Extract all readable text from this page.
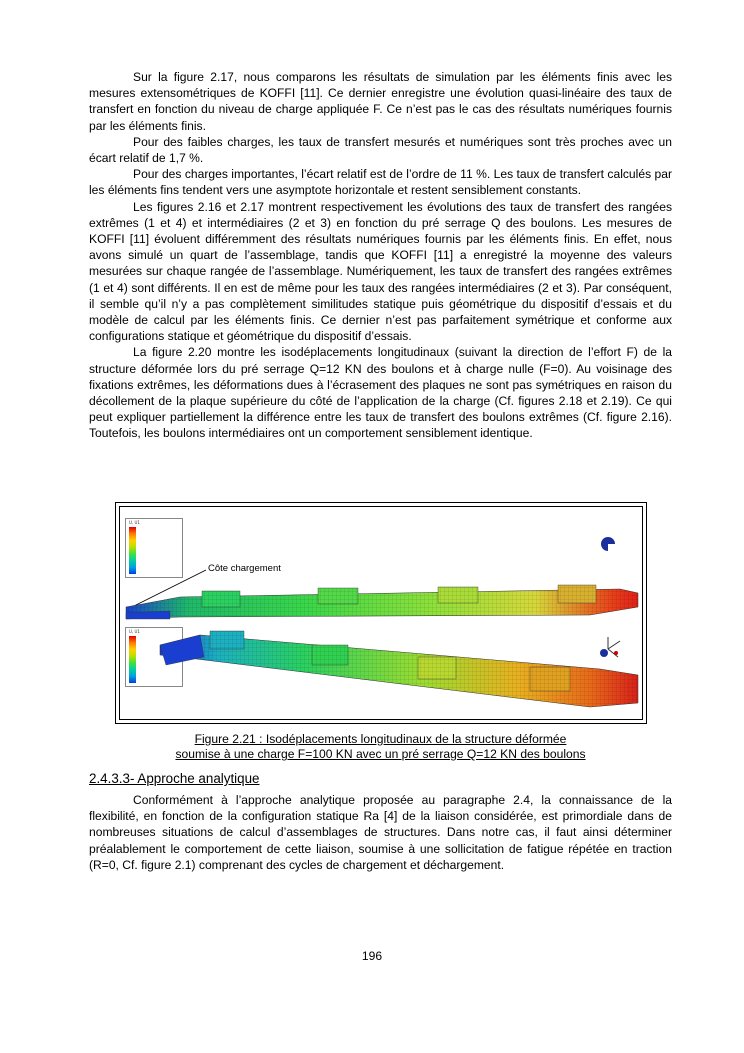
Sur la figure 2.17, nous comparons les résultats de simulation par les éléments finis avec les mesures extensométriques de KOFFI [11]. Ce dernier enregistre une évolution quasi-linéaire des taux de transfert en fonction du niveau de charge appliquée F. Ce n’est pas le cas des résultats numériques fournis par les éléments finis.

Pour des faibles charges, les taux de transfert mesurés et numériques sont très proches avec un écart relatif de 1,7 %.

Pour des charges importantes, l’écart relatif est de l’ordre de 11 %. Les taux de transfert calculés par les éléments fins tendent vers une asymptote horizontale et restent sensiblement constants.

Les figures 2.16 et 2.17 montrent respectivement les évolutions des taux de transfert des rangées extrêmes (1 et 4) et intermédiaires (2 et 3) en fonction du pré serrage Q des boulons. Les mesures de KOFFI [11] évoluent différemment des résultats numériques fournis par les éléments finis. En effet, nous avons simulé un quart de l’assemblage, tandis que KOFFI [11] a enregistré la moyenne des valeurs mesurées sur chaque rangée de l’assemblage. Numériquement, les taux de transfert des rangées extrêmes (1 et 4) sont différents. Il en est de même pour les taux des rangées intermédiaires (2 et 3). Par conséquent, il semble qu’il n’y a pas complètement similitudes statique puis géométrique du dispositif d’essais et du modèle de calcul par les éléments finis. Ce dernier n’est pas parfaitement symétrique et conforme aux configurations statique et géométrique du dispositif d’essais.

La figure 2.20 montre les isodéplacements longitudinaux (suivant la direction de l’effort F) de la structure déformée lors du pré serrage Q=12 KN des boulons et à charge nulle (F=0). Au voisinage des fixations extrêmes, les déformations dues à l’écrasement des plaques ne sont pas symétriques en raison du décollement de la plaque supérieure du côté de l’application de la charge (Cf. figures 2.18 et 2.19). Ce qui peut expliquer partiellement la différence entre les taux de transfert des boulons extrêmes (Cf. figure 2.16). Toutefois, les boulons intermédiaires ont un comportement sensiblement identique.

U, U1
U, U1
Côte chargement
Figure 2.21 : Isodéplacements longitudinaux de la structure déformée
soumise à une charge F=100 KN avec un pré serrage Q=12 KN des boulons
2.4.3.3- Approche analytique

Conformément à l’approche analytique proposée au paragraphe 2.4, la connaissance de la flexibilité, en fonction de la configuration statique Ra [4] de la liaison considérée, est primordiale dans de nombreuses situations de calcul d’assemblages de structures. Dans notre cas, il faut ainsi déterminer préalablement le comportement de cette liaison, soumise à une sollicitation de fatigue répétée en traction (R=0, Cf. figure 2.1) comprenant des cycles de chargement et déchargement.

196
